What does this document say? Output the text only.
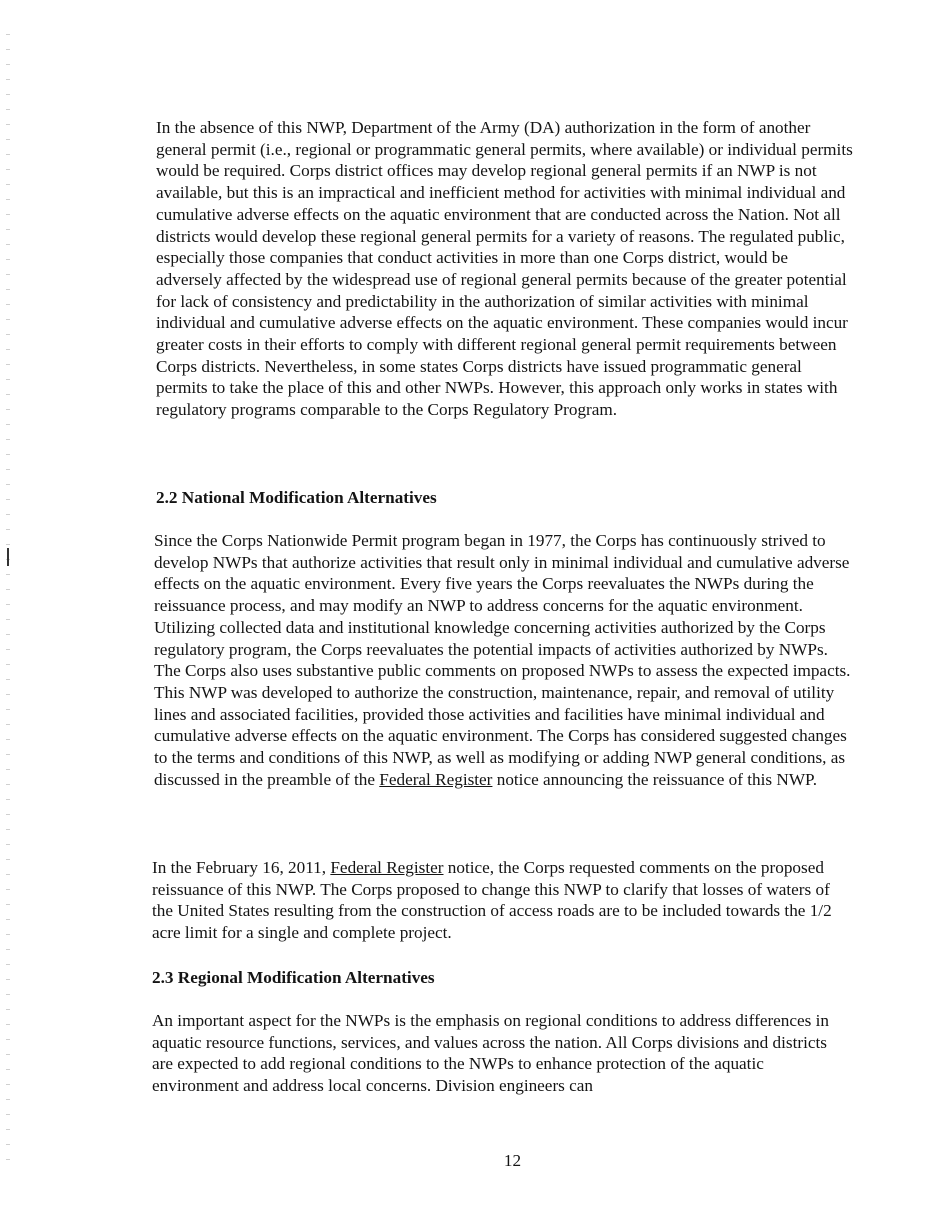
In the absence of this NWP, Department of the Army (DA) authorization in the form of another general permit (i.e., regional or programmatic general permits, where available) or individual permits would be required. Corps district offices may develop regional general permits if an NWP is not available, but this is an impractical and inefficient method for activities with minimal individual and cumulative adverse effects on the aquatic environment that are conducted across the Nation. Not all districts would develop these regional general permits for a variety of reasons. The regulated public, especially those companies that conduct activities in more than one Corps district, would be adversely affected by the widespread use of regional general permits because of the greater potential for lack of consistency and predictability in the authorization of similar activities with minimal individual and cumulative adverse effects on the aquatic environment. These companies would incur greater costs in their efforts to comply with different regional general permit requirements between Corps districts. Nevertheless, in some states Corps districts have issued programmatic general permits to take the place of this and other NWPs. However, this approach only works in states with regulatory programs comparable to the Corps Regulatory Program.

2.2 National Modification Alternatives

Since the Corps Nationwide Permit program began in 1977, the Corps has continuously strived to develop NWPs that authorize activities that result only in minimal individual and cumulative adverse effects on the aquatic environment. Every five years the Corps reevaluates the NWPs during the reissuance process, and may modify an NWP to address concerns for the aquatic environment. Utilizing collected data and institutional knowledge concerning activities authorized by the Corps regulatory program, the Corps reevaluates the potential impacts of activities authorized by NWPs. The Corps also uses substantive public comments on proposed NWPs to assess the expected impacts. This NWP was developed to authorize the construction, maintenance, repair, and removal of utility lines and associated facilities, provided those activities and facilities have minimal individual and cumulative adverse effects on the aquatic environment. The Corps has considered suggested changes to the terms and conditions of this NWP, as well as modifying or adding NWP general conditions, as discussed in the preamble of the Federal Register notice announcing the reissuance of this NWP.

In the February 16, 2011, Federal Register notice, the Corps requested comments on the proposed reissuance of this NWP. The Corps proposed to change this NWP to clarify that losses of waters of the United States resulting from the construction of access roads are to be included towards the 1/2 acre limit for a single and complete project.

2.3 Regional Modification Alternatives

An important aspect for the NWPs is the emphasis on regional conditions to address differences in aquatic resource functions, services, and values across the nation. All Corps divisions and districts are expected to add regional conditions to the NWPs to enhance protection of the aquatic environment and address local concerns. Division engineers can

12
